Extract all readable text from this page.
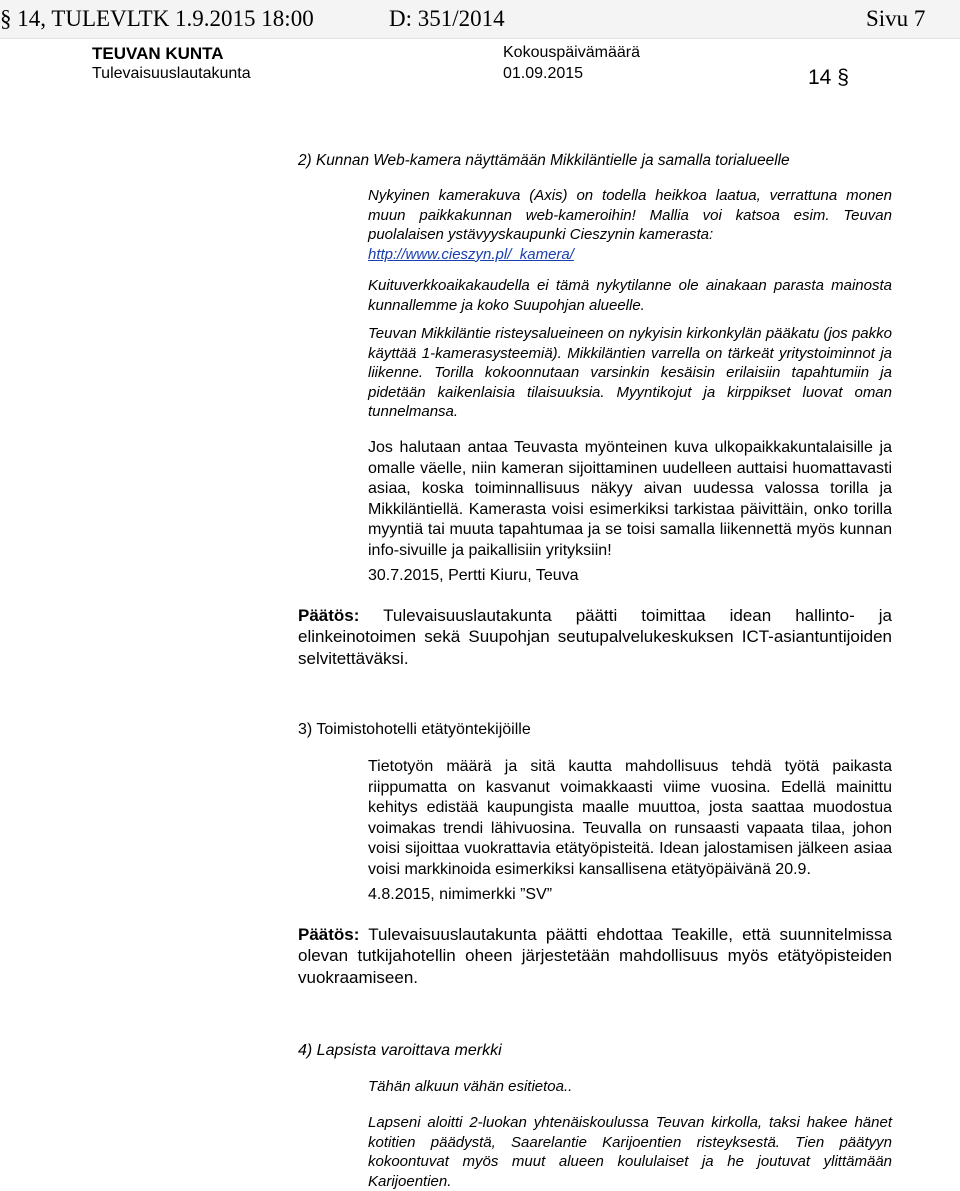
§ 14, TULEVLTK 1.9.2015 18:00	D: 351/2014	Sivu 7
TEUVAN KUNTA
Tulevaisuuslautakunta
Kokouspäivämäärä
01.09.2015	14 §
2) Kunnan Web-kamera näyttämään Mikkiläntielle ja samalla torialueelle

Nykyinen kamerakuva (Axis) on todella heikkoa laatua, verrattuna monen muun paikkakunnan web-kameroihin! Mallia voi katsoa esim. Teuvan puolalaisen ystävyyskaupunki Cieszynin kamerasta:
http://www.cieszyn.pl/_kamera/

Kuituverkkoaikakaudella ei tämä nykytilanne ole ainakaan parasta mainosta kunnallemme ja koko Suupohjan alueelle.

Teuvan Mikkiläntie risteysalueineen on nykyisin kirkonkylän pääkatu (jos pakko käyttää 1-kamerasysteemiä). Mikkiläntien varrella on tärkeät yritystoiminnot ja liikenne. Torilla kokoonnutaan varsinkin kesäisin erilaisiin tapahtumiin ja pidetään kaikenlaisia tilaisuuksia. Myyntikojut ja kirppikset luovat oman tunnelmansa.

Jos halutaan antaa Teuvasta myönteinen kuva ulkopaikkakuntalaisille ja omalle väelle, niin kameran sijoittaminen uudelleen auttaisi huomattavasti asiaa, koska toiminnallisuus näkyy aivan uudessa valossa torilla ja Mikkiläntiellä. Kamerasta voisi esimerkiksi tarkistaa päivittäin, onko torilla myyntiä tai muuta tapahtumaa ja se toisi samalla liikennettä myös kunnan info-sivuille ja paikallisiin yrityksiin!

30.7.2015, Pertti Kiuru, Teuva

Päätös: Tulevaisuuslautakunta päätti toimittaa idean hallinto- ja elinkeinotoimen sekä Suupohjan seutupalvelukeskuksen ICT-asiantuntijoiden selvitettäväksi.

3) Toimistohotelli etätyöntekijöille

Tietotyön määrä ja sitä kautta mahdollisuus tehdä työtä paikasta riippumatta on kasvanut voimakkaasti viime vuosina. Edellä mainittu kehitys edistää kaupungista maalle muuttoa, josta saattaa muodostua voimakas trendi lähivuosina. Teuvalla on runsaasti vapaata tilaa, johon voisi sijoittaa vuokrattavia etätyöpisteitä. Idean jalostamisen jälkeen asiaa voisi markkinoida esimerkiksi kansallisena etätyöpäivänä 20.9.

4.8.2015, nimimerkki ”SV”

Päätös: Tulevaisuuslautakunta päätti ehdottaa Teakille, että suunnitelmissa olevan tutkijahotellin oheen järjestetään mahdollisuus myös etätyöpisteiden vuokraamiseen.

4) Lapsista varoittava merkki

Tähän alkuun vähän esitietoa..

Lapseni aloitti 2-luokan yhtenäiskoulussa Teuvan kirkolla, taksi hakee hänet kotitien päädystä, Saarelantie Karijoentien risteyksestä. Tien päätyyn kokoontuvat myös muut alueen koululaiset ja he joutuvat ylittämään Karijoentien.
